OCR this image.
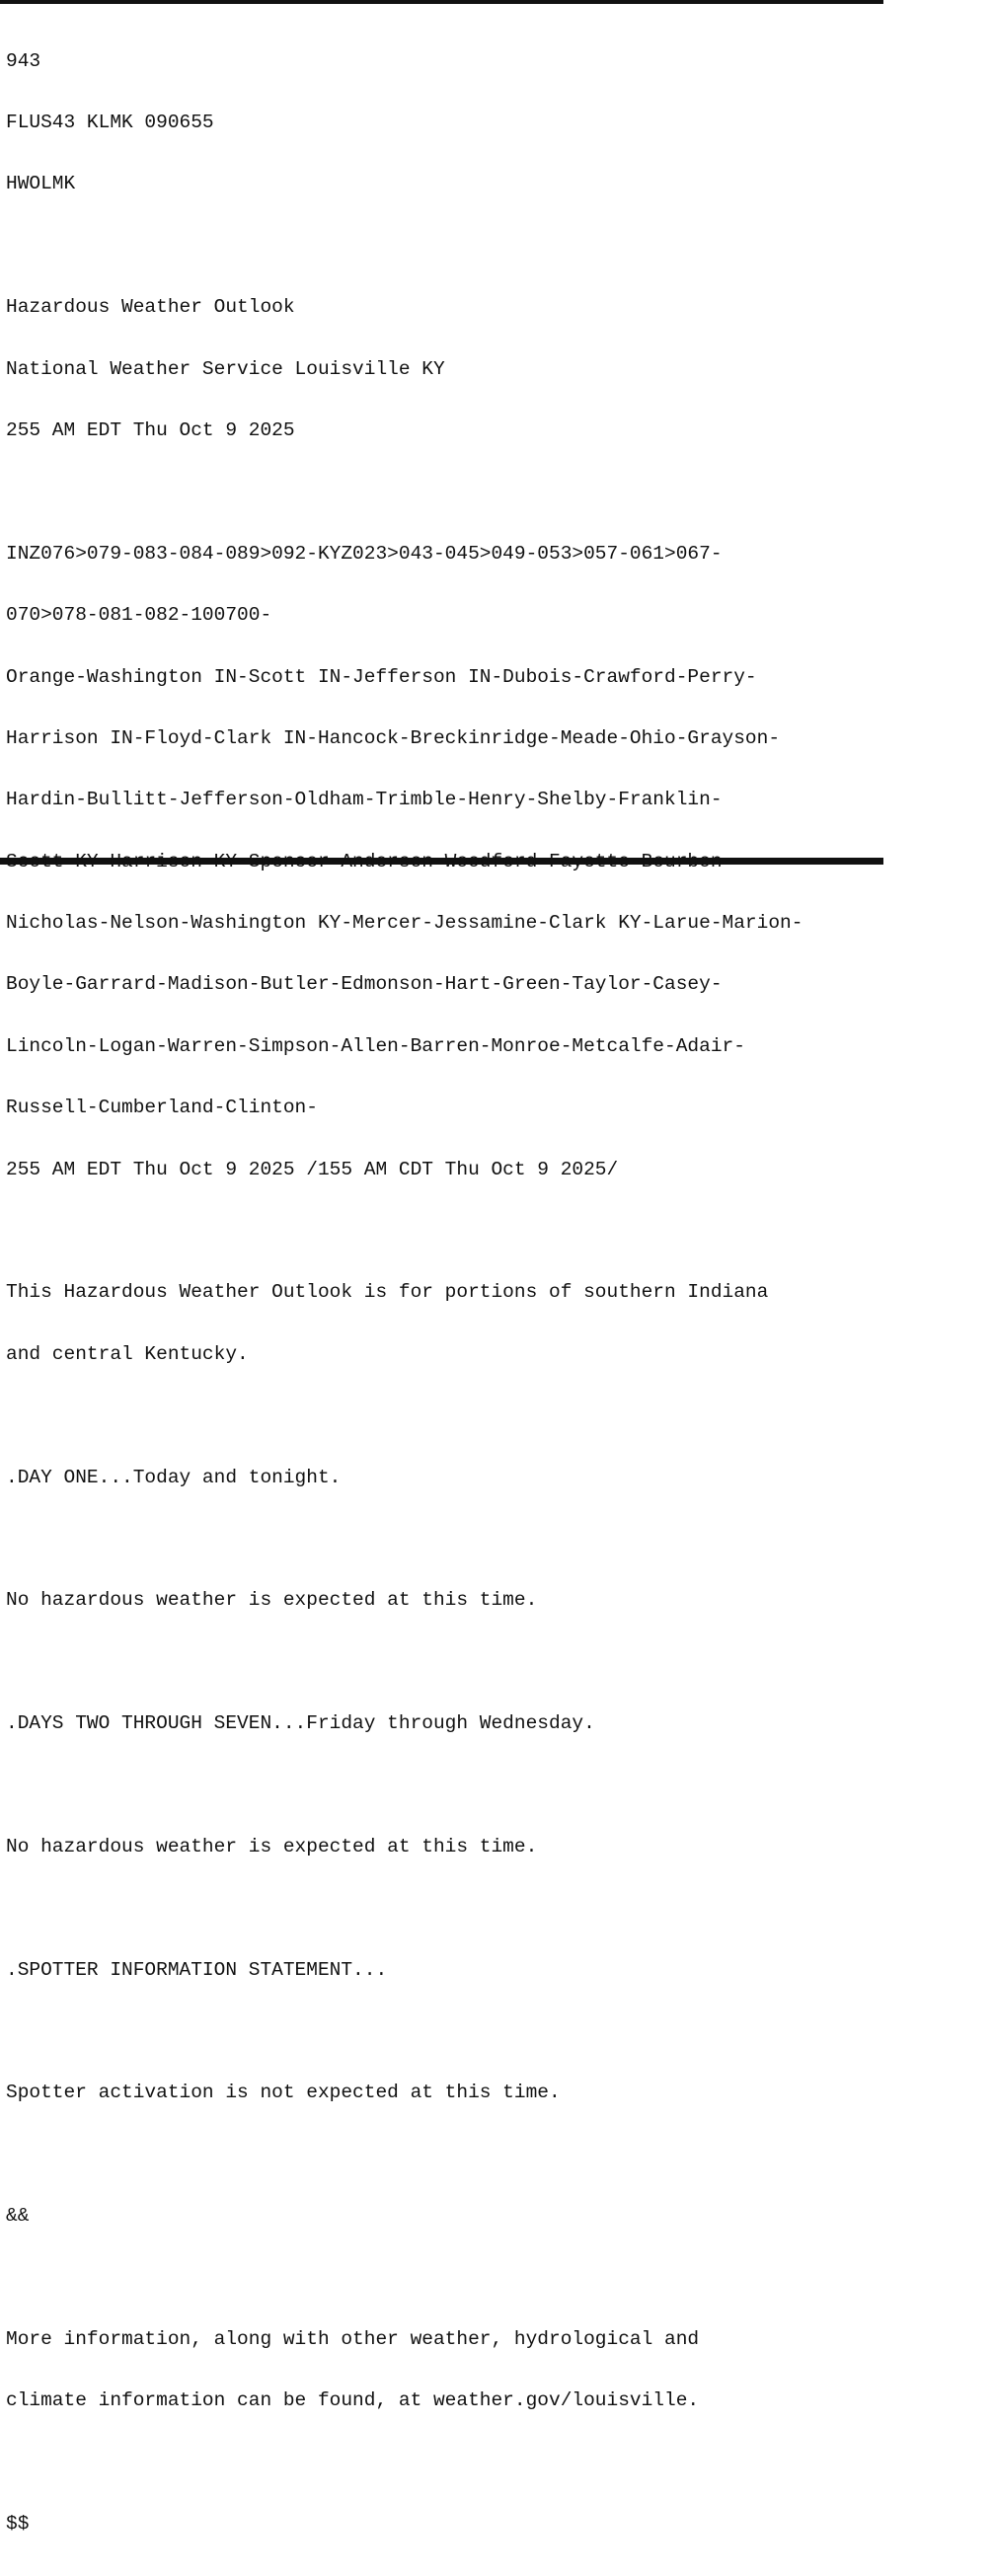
943

FLUS43 KLMK 090655

HWOLMK

Hazardous Weather Outlook

National Weather Service Louisville KY

255 AM EDT Thu Oct 9 2025

INZ076>079-083-084-089>092-KYZ023>043-045>049-053>057-061>067-

070>078-081-082-100700-

Orange-Washington IN-Scott IN-Jefferson IN-Dubois-Crawford-Perry-

Harrison IN-Floyd-Clark IN-Hancock-Breckinridge-Meade-Ohio-Grayson-

Hardin-Bullitt-Jefferson-Oldham-Trimble-Henry-Shelby-Franklin-

Scott KY-Harrison KY-Spencer-Anderson-Woodford-Fayette-Bourbon-

Nicholas-Nelson-Washington KY-Mercer-Jessamine-Clark KY-Larue-Marion-

Boyle-Garrard-Madison-Butler-Edmonson-Hart-Green-Taylor-Casey-

Lincoln-Logan-Warren-Simpson-Allen-Barren-Monroe-Metcalfe-Adair-

Russell-Cumberland-Clinton-

255 AM EDT Thu Oct 9 2025 /155 AM CDT Thu Oct 9 2025/

This Hazardous Weather Outlook is for portions of southern Indiana

and central Kentucky.

.DAY ONE...Today and tonight.

No hazardous weather is expected at this time.

.DAYS TWO THROUGH SEVEN...Friday through Wednesday.

No hazardous weather is expected at this time.

.SPOTTER INFORMATION STATEMENT...

Spotter activation is not expected at this time.

&&

More information, along with other weather, hydrological and

climate information can be found, at weather.gov/louisville.

$$
